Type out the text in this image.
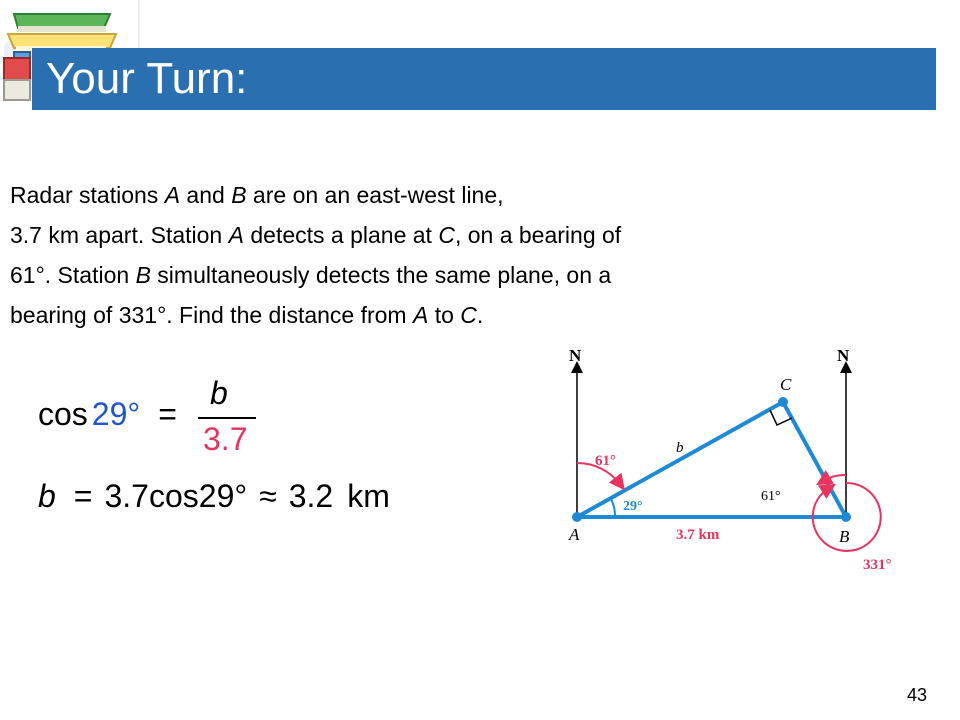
Your Turn:
Radar stations A and B are on an east-west line,
3.7 km apart. Station A detects a plane at C, on a bearing of
61°. Station B simultaneously detects the same plane, on a
bearing of 331°. Find the distance from A to C.
cos 29° =
b
3.7
b = 3.7cos29° ≈ 3.2 km
N	N
C
A	B
b
3.7 km
61°
29°
61°
331°
43
